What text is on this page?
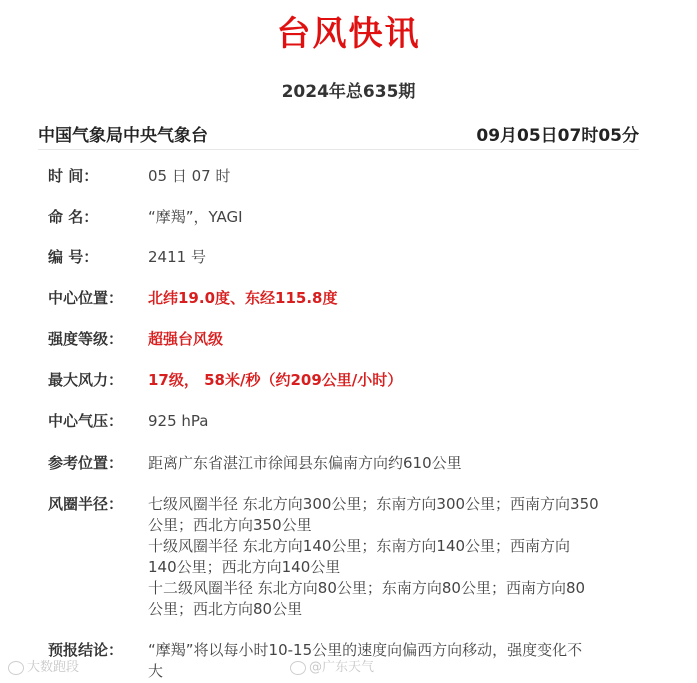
台风快讯
2024年总635期
中国气象局中央气象台	09月05日07时05分
时 间：	05 日 07 时
命 名：	“摩羯”，YAGI
编 号：	2411 号
中心位置：	北纬19.0度、东经115.8度
强度等级：	超强台风级
最大风力：	17级， 58米/秒（约209公里/小时）
中心气压：	925 hPa
参考位置：	距离广东省湛江市徐闻县东偏南方向约610公里
风圈半径：	七级风圈半径 东北方向300公里；东南方向300公里；西南方向350
公里；西北方向350公里
十级风圈半径 东北方向140公里；东南方向140公里；西南方向
140公里；西北方向140公里
十二级风圈半径 东北方向80公里；东南方向80公里；西南方向80
公里；西北方向80公里
预报结论：	“摩羯”将以每小时10-15公里的速度向偏西方向移动，强度变化不
大
大数跑段	@广东天气
